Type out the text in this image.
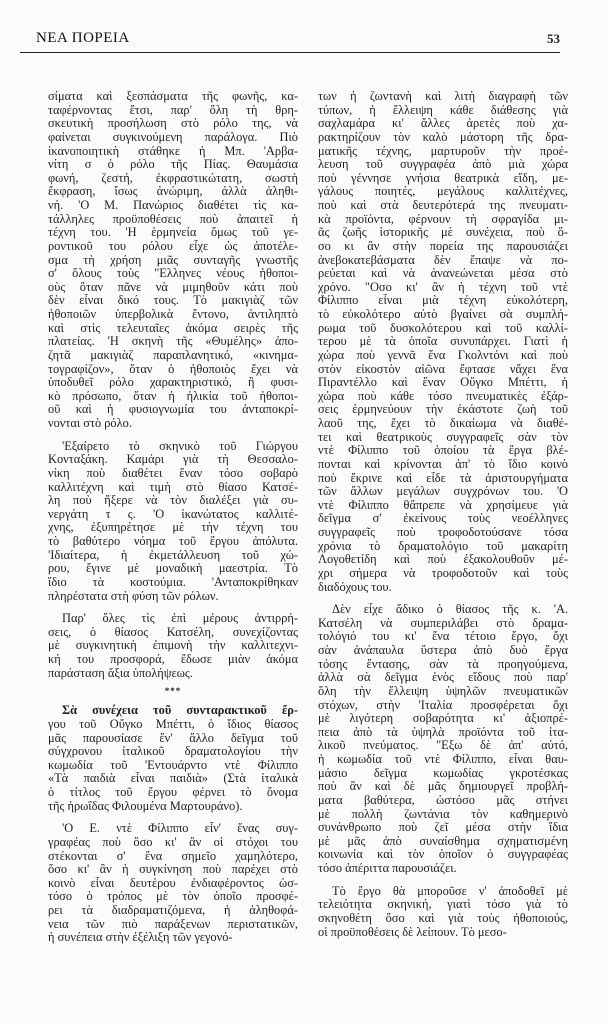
ΝΕΑ ΠΟΡΕΙΑ	53
σίματα καὶ ξεσπάσματα τῆς φωνῆς, κα-
ταφέρνοντας ἔτσι, παρ' ὅλη τὴ θρη-
σκευτικὴ προσήλωση στὸ ρόλο της, νὰ
φαίνεται συγκινούμενη παράλογα. Πιὸ
ἱκανοποιητικὴ στάθηκε ἡ Μπ. 'Αρβα-
νίτη σ ὁ ρόλο τῆς Πίας. Θαυμάσια
φωνή, ζεστή, ἐκφραστικώτατη, σωστὴ
ἔκφραση, ἴσως ἀνώριμη, ἀλλὰ ἀληθι-
νή. 'Ο Μ. Πανώριος διαθέτει τὶς κα-
τάλληλες προϋποθέσεις ποὺ ἀπαιτεῖ ἡ
τέχνη του. 'Η ἑρμηνεία ὅμως τοῦ γε-
ροντικοῦ του ρόλου εἶχε ὡς ἀποτέλε-
σμα τὴ χρήση μιᾶς συνταγῆς γνωστῆς
σ' ὅλους τοὺς "Ελληνες νέους ἠθοποι-
οὺς ὅταν πᾶνε νὰ μιμηθοῦν κάτι ποὺ
δὲν εἶναι δικό τους. Τὸ μακιγιὰζ τῶν
ἠθοποιῶν ὑπερβολικὰ ἔντονο, ἀντιληπτὸ
καὶ στὶς τελευταῖες ἀκόμα σειρὲς τῆς
πλατείας. 'Η σκηνὴ τῆς «Θυμέλης» ἀπο-
ζητᾶ μακιγιὰζ παραπλανητικό, «κινημα-
τογραφίζον», ὅταν ὁ ἠθοποιὸς ἔχει νὰ
ὑποδυθεῖ ρόλο χαρακτηριστικό, ἢ φυσι-
κὸ πρόσωπο, ὅταν ἡ ἡλικία τοῦ ἠθοποι-
οῦ καὶ ἡ φυσιογνωμία του ἀνταποκρί-
νονται στὸ ρόλο.
'Εξαίρετο τὸ σκηνικὸ τοῦ Γιώργου
Κονταξάκη. Καμάρι γιὰ τὴ Θεσσαλο-
νίκη ποὺ διαθέτει ἕναν τόσο σοβαρὸ
καλλιτέχνη καὶ τιμὴ στὸ θίασο Κατσέ-
λη ποὺ ἤξερε νὰ τὸν διαλέξει γιὰ συ-
νεργάτη τ ς. 'Ο ἱκανώτατος καλλιτέ-
χνης, ἐξυπηρέτησε μὲ τὴν τέχνη του
τὸ βαθύτερο νόημα τοῦ ἔργου ἀπόλυτα.
'Ιδιαίτερα, ἡ ἐκμετάλλευση τοῦ χώ-
ρου, ἔγινε μὲ μοναδικὴ μαεστρία. Τὸ
ἴδιο τὰ κοστούμια. 'Ανταποκρίθηκαν
πληρέστατα στὴ φύση τῶν ρόλων.
Παρ' ὅλες τὶς ἐπὶ μέρους ἀντιρρή-
σεις, ὁ θίασος Κατσέλη, συνεχίζοντας
μὲ συγκινητικὴ ἐπιμονὴ τὴν καλλιτεχνι-
κή του προσφορά, ἔδωσε μιὰν ἀκόμα
παράσταση ἄξια ὑπολήψεως.
***
Σὰ συνέχεια τοῦ συνταρακτικοῦ ἔρ-
γου τοῦ Οὔγκο Μπέττι, ὁ ἴδιος θίασος
μᾶς παρουσίασε ἕν' ἄλλο δεῖγμα τοῦ
σύγχρονου ἰταλικοῦ δραματολογίου τὴν
κωμωδία τοῦ 'Εντουάρντο ντὲ Φίλιππο
«Τὰ παιδιὰ εἶναι παιδιὰ» (Στὰ ἰταλικὰ
ὁ τίτλος τοῦ ἔργου φέρνει τὸ ὄνομα
τῆς ἡρωΐδας Φιλουμένα Μαρτουράνο).
'Ο Ε. ντὲ Φίλιππο εἶν' ἕνας συγ-
γραφέας ποὺ ὅσο κι' ἂν οἱ στόχοι του
στέκονται σ' ἕνα σημεῖο χαμηλότερο,
ὅσο κι' ἂν ἡ συγκίνηση ποὺ παρέχει στὸ
κοινὸ εἶναι δευτέρου ἐνδιαφέροντος ὡσ-
τόσο ὁ τρόπος μὲ τὸν ὁποῖο προσφέ-
ρει τὰ διαδραματιζόμενα, ἡ ἀληθοφά-
νεια τῶν πιὸ παράξενων περιστατικῶν,
ἡ συνέπεια στὴν ἐξέλιξη τῶν γεγονό-
των ἡ ζωντανὴ καὶ λιτὴ διαγραφὴ τῶν
τύπων, ἡ ἔλλειψη κάθε διάθεσης γιὰ
σαχλαμάρα κι' ἄλλες ἀρετὲς ποὺ χα-
ρακτηρίζουν τὸν καλὸ μάστορη τῆς δρα-
ματικῆς τέχνης, μαρτυροῦν τὴν προέ-
λευση τοῦ συγγραφέα ἀπὸ μιὰ χώρα
ποὺ γέννησε γνήσια θεατρικὰ εἴδη, με-
γάλους ποιητές, μεγάλους καλλιτέχνες,
ποὺ καὶ στὰ δευτερότερά της πνευματι-
κὰ προϊόντα, φέρνουν τὴ σφραγίδα μι-
ᾶς ζωῆς ἱστορικῆς μὲ συνέχεια, ποὺ ὅ-
σο κι ἂν στὴν πορεία της παρουσιάζει
ἀνεβοκατεβάσματα δὲν ἔπαψε νὰ πο-
ρεύεται καὶ νὰ ἀνανεώνεται μέσα στὸ
χρόνο. "Οσο κι' ἂν ἡ τέχνη τοῦ ντὲ
Φίλιππο εἶναι μιὰ τέχνη εὐκολότερη,
τὸ εὐκολότερο αὐτὸ βγαίνει σὰ συμπλή-
ρωμα τοῦ δυσκολότερου καὶ τοῦ καλλί-
τερου μὲ τὰ ὁποῖα συνυπάρχει. Γιατὶ ἡ
χώρα ποὺ γεννᾶ ἕνα Γκολντόνι καὶ ποὺ
στὸν εἰκοστὸν αἰῶνα ἔφτασε νἄχει ἕνα
Πιραντέλλο καὶ ἕναν Οὔγκο Μπέττι, ἡ
χώρα ποὺ κάθε τόσο πνευματικὲς ἐξάρ-
σεις ἑρμηνεύουν τὴν ἑκάστοτε ζωὴ τοῦ
λαοῦ της, ἔχει τὸ δικαίωμα νὰ διαθέ-
τει καὶ θεατρικοὺς συγγραφεῖς σὰν τὸν
ντὲ Φίλιππο τοῦ ὁποίου τὰ ἔργα βλέ-
πονται καὶ κρίνονται ἀπ' τὸ ἴδιο κοινὸ
ποὺ ἔκρινε καὶ εἶδε τὰ ἀριστουργήματα
τῶν ἄλλων μεγάλων συγχρόνων του. 'Ο
ντὲ Φίλιππο θἄπρεπε νὰ χρησίμευε γιὰ
δεῖγμα σ' ἐκείνους τοὺς νεοέλληνες
συγγραφεῖς ποὺ τροφοδοτούσανε τόσα
χρόνια τὸ δραματολόγιο τοῦ μακαρίτη
Λογοθετίδη καὶ ποὺ ἐξακολουθοῦν μέ-
χρι σήμερα νὰ τροφοδοτοῦν καὶ τοὺς
διαδόχους του.
Δὲν εἶχε ἄδικο ὁ θίασος τῆς κ. 'Α.
Κατσέλη νὰ συμπεριλάβει στὸ δραμα-
τολόγιό του κι' ἕνα τέτοιο ἔργο, ὄχι
σὰν ἀνάπαυλα ὕστερα ἀπὸ δυὸ ἔργα
τόσης ἔντασης, σὰν τὰ προηγούμενα,
ἀλλὰ σὰ δεῖγμα ἑνὸς εἴδους ποὺ παρ'
ὅλη τὴν ἔλλειψη ὑψηλῶν πνευματικῶν
στόχων, στὴν 'Ιταλία προσφέρεται ὄχι
μὲ λιγότερη σοβαρότητα κι' ἀξιοπρέ-
πεια ἀπὸ τὰ ὑψηλὰ προϊόντα τοῦ ἰτα-
λικοῦ πνεύματος. "Εξω δὲ ἀπ' αὐτό,
ἡ κωμωδία τοῦ ντὲ Φίλιππο, εἶναι θαυ-
μάσιο δεῖγμα κωμωδίας γκροτέσκας
ποὺ ἂν καὶ δὲ μᾶς δημιουργεῖ προβλή-
ματα βαθύτερα, ὡστόσο μᾶς στήνει
μὲ πολλὴ ζωντάνια τὸν καθημερινὸ
συνάνθρωπο ποὺ ζεῖ μέσα στὴν ἴδια
μὲ μᾶς ἀπὸ συναίσθημα σχηματισμένη
κοινωνία καὶ τὸν ὁποῖον ὁ συγγραφέας
τόσο ἀπέριττα παρουσιάζει.
Τὸ ἔργο θὰ μποροῦσε ν' ἀποδοθεῖ μὲ
τελειότητα σκηνική, γιατὶ τόσο γιὰ τὸ
σκηνοθέτη ὅσο καὶ γιὰ τοὺς ἠθοποιούς,
οἱ προϋποθέσεις δὲ λείπουν. Τὸ μεσο-
